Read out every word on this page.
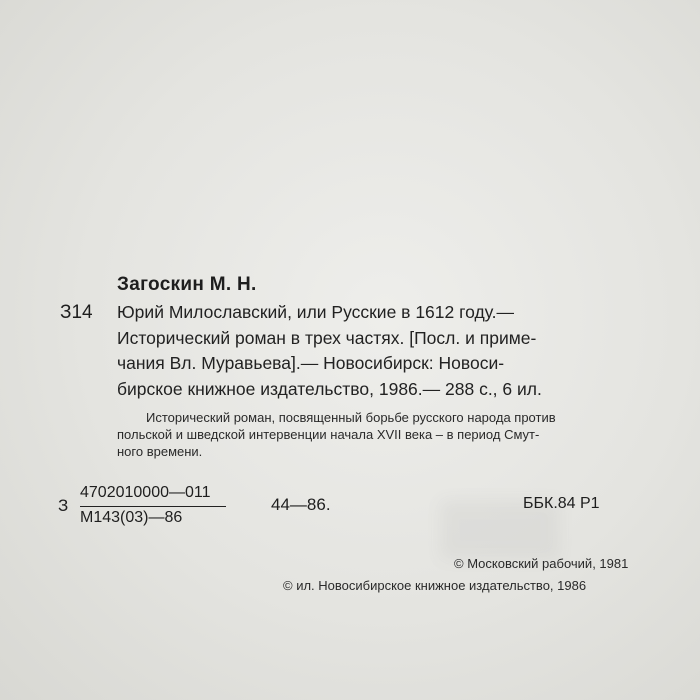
Загоскин М. Н.
З14 Юрий Милославский, или Русские в 1612 году.—
Исторический роман в трех частях. [Посл. и приме-
чания Вл. Муравьева].— Новосибирск: Новоси-
бирское книжное издательство, 1986.— 288 с., 6 ил.
Исторический роман, посвященный борьбе русского народа против
польской и шведской интервенции начала XVII века – в период Смут-
ного времени.
З
4702010000—011
М143(03)—86
44—86.	ББК.84 Р1
© Московский рабочий, 1981
© ил. Новосибирское книжное издательство, 1986
